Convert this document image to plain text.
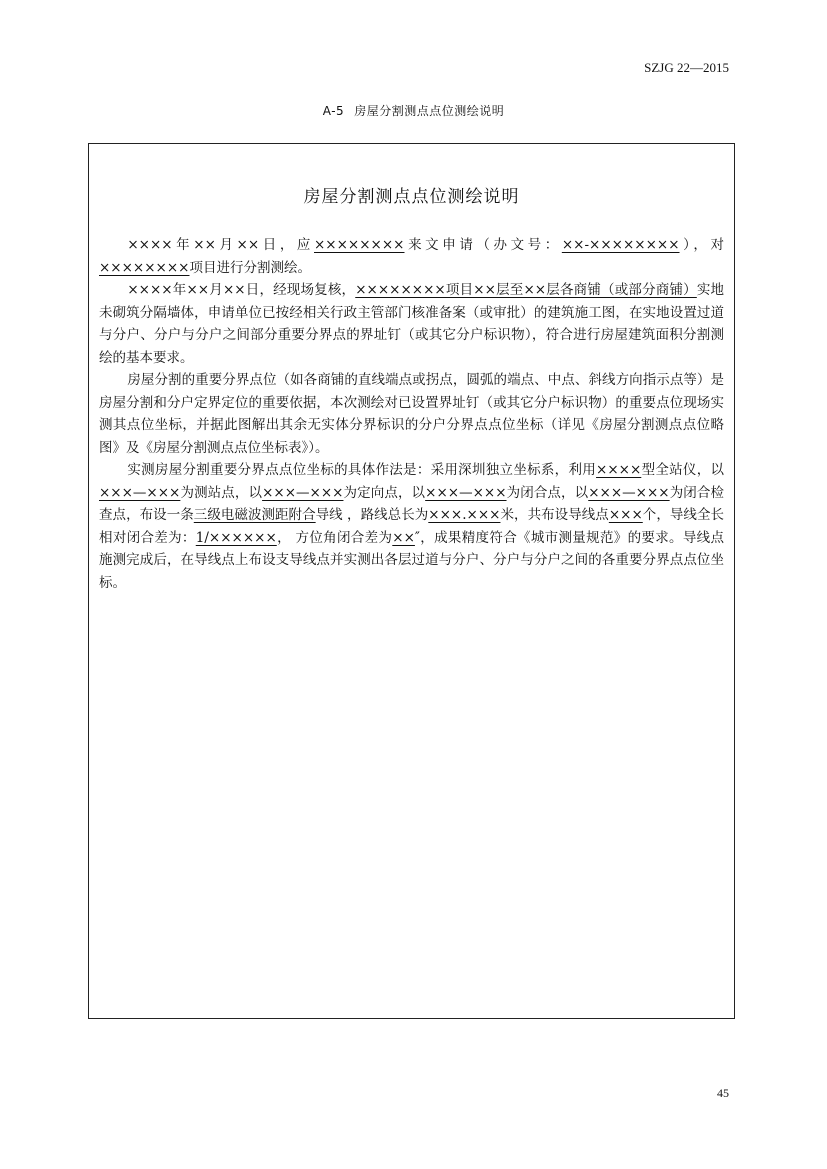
SZJG 22—2015
A-5 房屋分割测点点位测绘说明
房屋分割测点点位测绘说明

××××年××月××日，应××××××××来文申请（办文号：××-××××××××），对××××××××项目进行分割测绘。

××××年××月××日，经现场复核，××××××××项目××层至××层各商铺（或部分商铺）实地未砌筑分隔墙体，申请单位已按经相关行政主管部门核准备案（或审批）的建筑施工图，在实地设置过道与分户、分户与分户之间部分重要分界点的界址钉（或其它分户标识物），符合进行房屋建筑面积分割测绘的基本要求。

房屋分割的重要分界点位（如各商铺的直线端点或拐点，圆弧的端点、中点、斜线方向指示点等）是房屋分割和分户定界定位的重要依据，本次测绘对已设置界址钉（或其它分户标识物）的重要点位现场实测其点位坐标，并据此图解出其余无实体分界标识的分户分界点点位坐标（详见《房屋分割测点点位略图》及《房屋分割测点点位坐标表》）。

实测房屋分割重要分界点点位坐标的具体作法是：采用深圳独立坐标系，利用××××型全站仪，以×××—×××为测站点，以×××—×××为定向点，以×××—×××为闭合点，以×××—×××为闭合检查点，布设一条三级电磁波测距附合导线 ，路线总长为×××.×××米，共布设导线点×××个，导线全长相对闭合差为：1/××××××， 方位角闭合差为××″，成果精度符合《城市测量规范》的要求。导线点施测完成后，在导线点上布设支导线点并实测出各层过道与分户、分户与分户之间的各重要分界点点位坐标。

45
